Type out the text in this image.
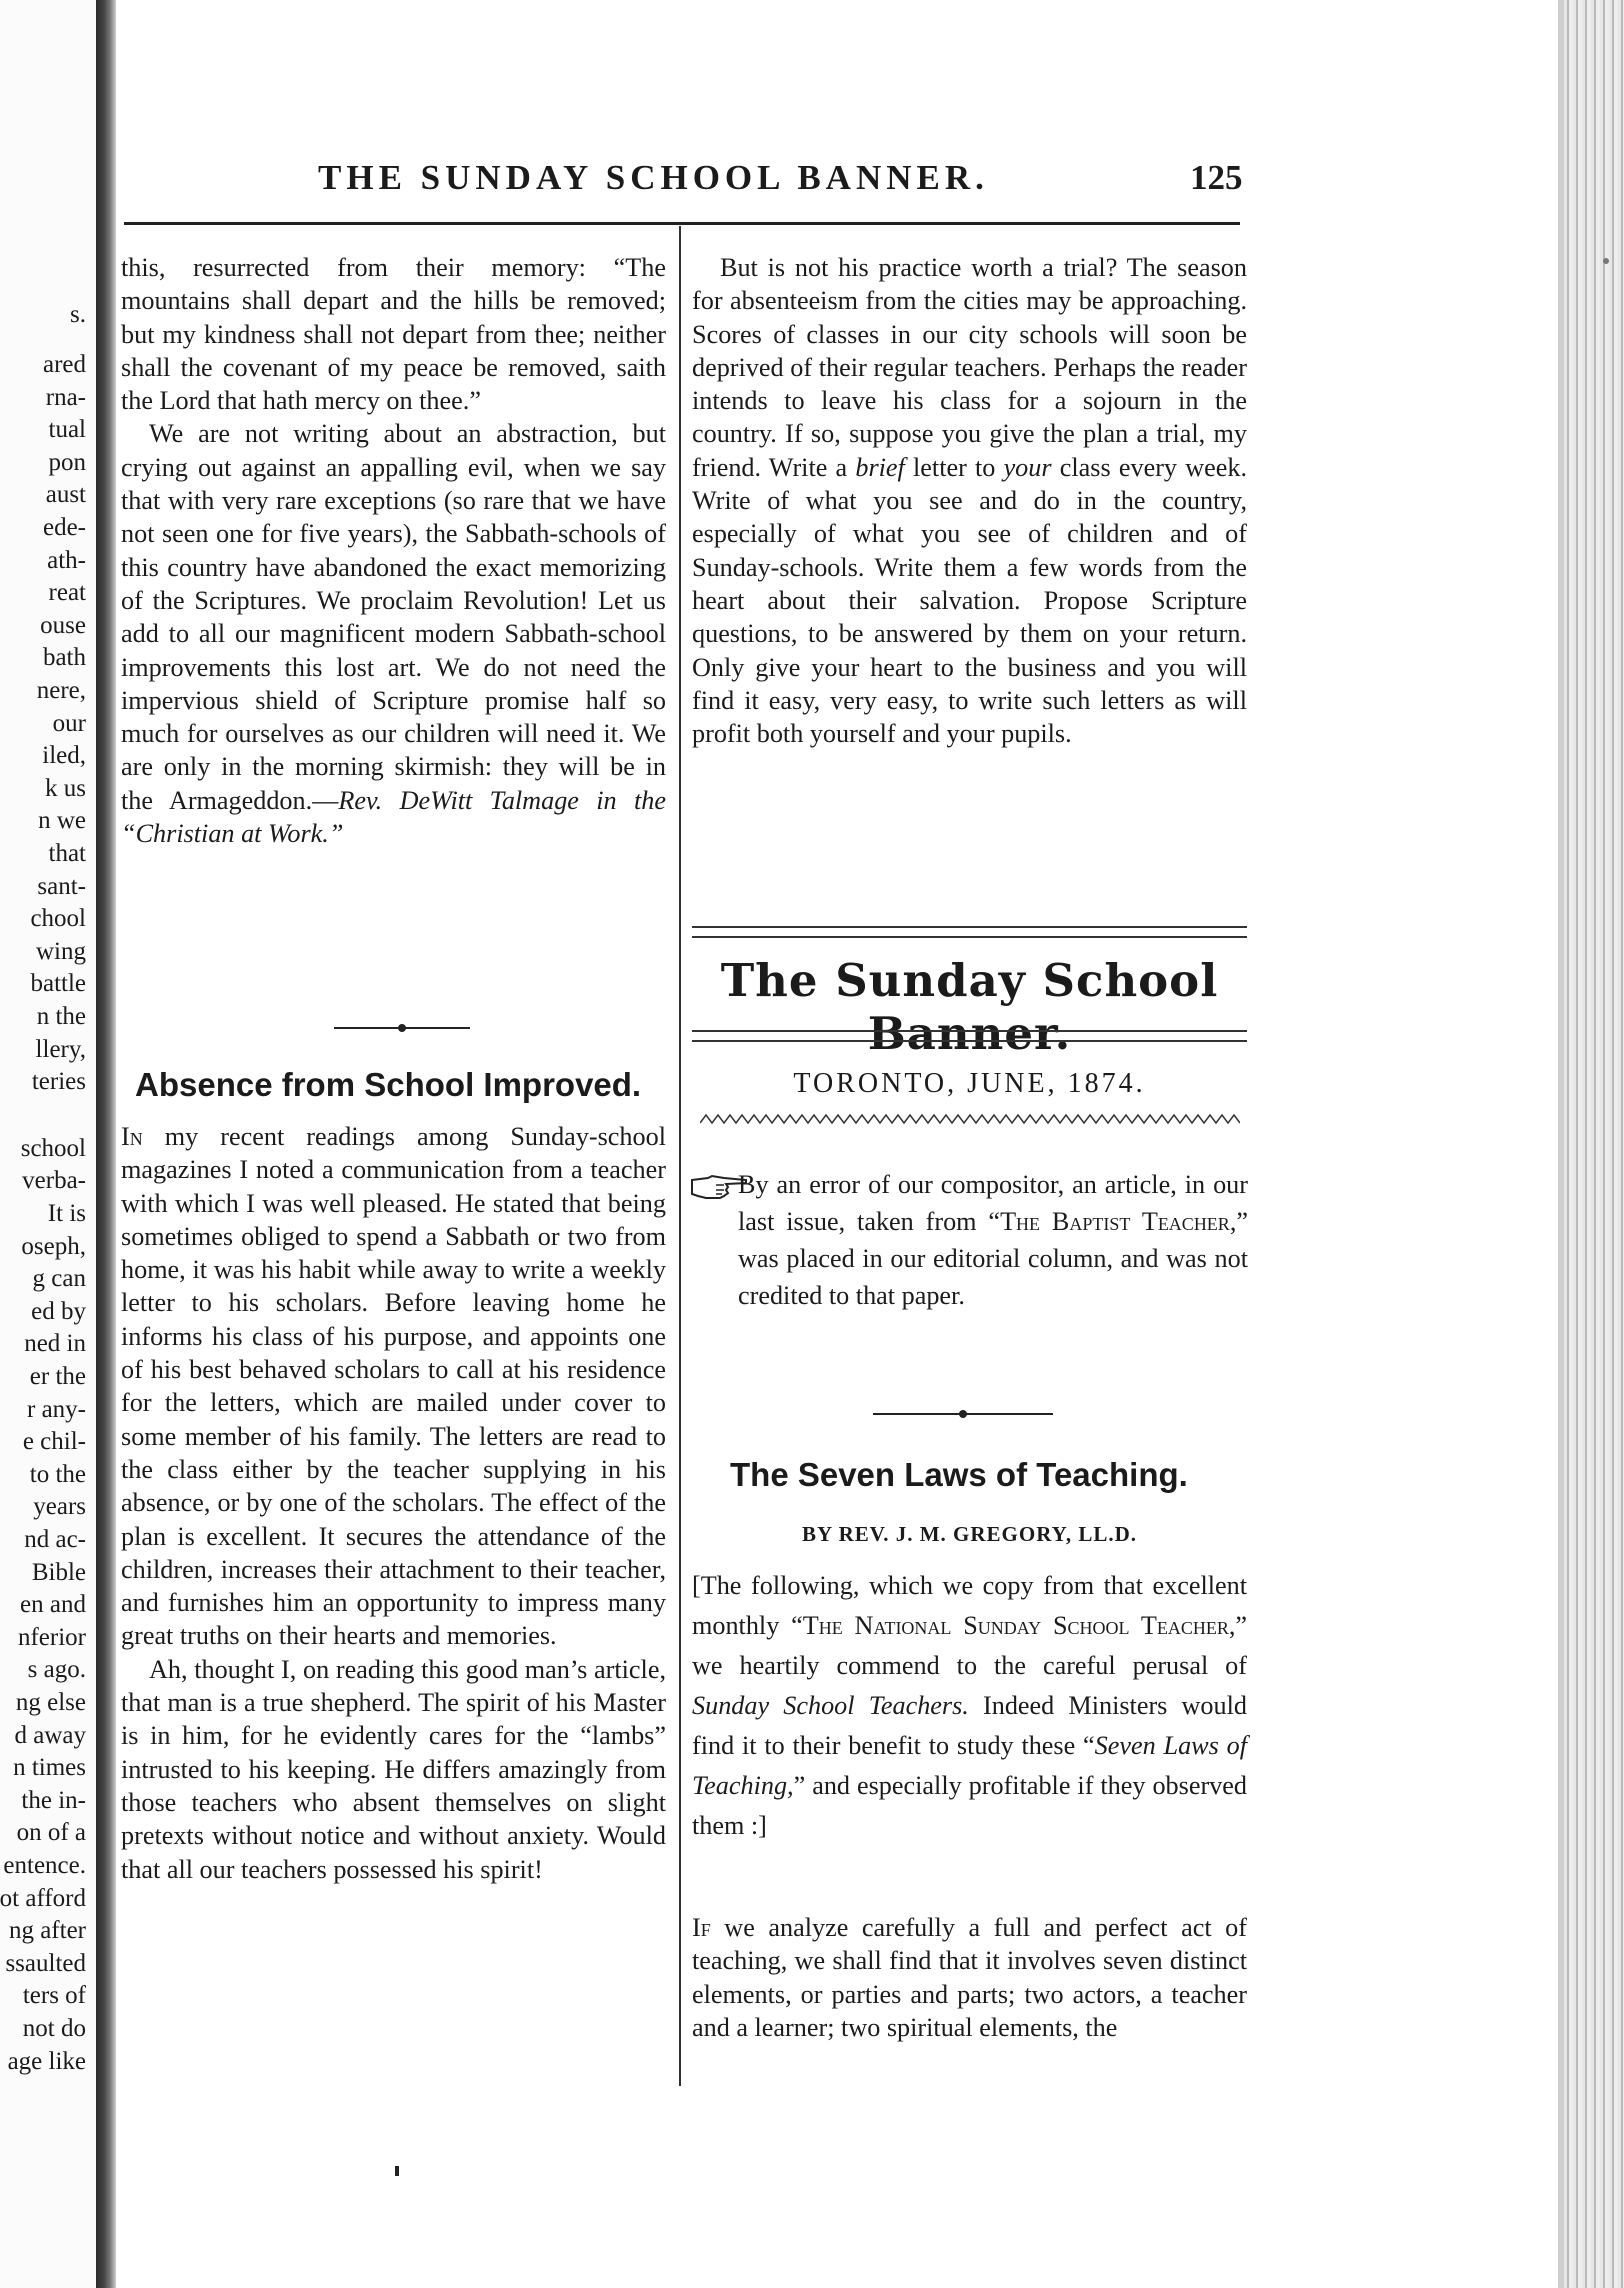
s.
ared
rna-
tual
pon
aust
ede-
ath-
reat
ouse
bath
nere,
our
iled,
k us
n we
that
sant-
chool
wing
battle
n the
llery,
teries
school
verba-
It is
oseph,
g can
ed by
ned in
er the
r any-
e chil-
to the
years
nd ac-
Bible
en and
nferior
s ago.
ng else
d away
n times
the in-
on of a
entence.
ot afford
ng after
ssaulted
ters of
not do
age like
THE SUNDAY SCHOOL BANNER.	125

this, resurrected from their memory: “The mountains shall depart and the hills be removed; but my kindness shall not depart from thee; neither shall the covenant of my peace be removed, saith the Lord that hath mercy on thee.”

We are not writing about an abstraction, but crying out against an appalling evil, when we say that with very rare exceptions (so rare that we have not seen one for five years), the Sabbath-schools of this country have abandoned the exact memorizing of the Scriptures. We proclaim Revolution! Let us add to all our magnificent modern Sabbath-school improvements this lost art. We do not need the impervious shield of Scripture promise half so much for ourselves as our children will need it. We are only in the morning skirmish: they will be in the Armageddon.—Rev. DeWitt Talmage in the “Christian at Work.”

Absence from School Improved.

In my recent readings among Sunday-school magazines I noted a communication from a teacher with which I was well pleased. He stated that being sometimes obliged to spend a Sabbath or two from home, it was his habit while away to write a weekly letter to his scholars. Before leaving home he informs his class of his purpose, and appoints one of his best behaved scholars to call at his residence for the letters, which are mailed under cover to some member of his family. The letters are read to the class either by the teacher supplying in his absence, or by one of the scholars. The effect of the plan is excellent. It secures the attendance of the children, increases their attachment to their teacher, and furnishes him an opportunity to impress many great truths on their hearts and memories.

Ah, thought I, on reading this good man’s article, that man is a true shepherd. The spirit of his Master is in him, for he evidently cares for the “lambs” intrusted to his keeping. He differs amazingly from those teachers who absent themselves on slight pretexts without notice and without anxiety. Would that all our teachers possessed his spirit!

But is not his practice worth a trial? The season for absenteeism from the cities may be approaching. Scores of classes in our city schools will soon be deprived of their regular teachers. Perhaps the reader intends to leave his class for a sojourn in the country. If so, suppose you give the plan a trial, my friend. Write a brief letter to your class every week. Write of what you see and do in the country, especially of what you see of children and of Sunday-schools. Write them a few words from the heart about their salvation. Propose Scripture questions, to be answered by them on your return. Only give your heart to the business and you will find it easy, very easy, to write such letters as will profit both yourself and your pupils.

The Sunday School Banner.
TORONTO, JUNE, 1874.

By an error of our compositor, an article, in our last issue, taken from “The Baptist Teacher,” was placed in our editorial column, and was not credited to that paper.

The Seven Laws of Teaching.
BY REV. J. M. GREGORY, LL.D.

[The following, which we copy from that excellent monthly “The National Sunday School Teacher,” we heartily commend to the careful perusal of Sunday School Teachers. Indeed Ministers would find it to their benefit to study these “Seven Laws of Teaching,” and especially profitable if they observed them :]

If we analyze carefully a full and perfect act of teaching, we shall find that it involves seven distinct elements, or parties and parts; two actors, a teacher and a learner; two spiritual elements, the
